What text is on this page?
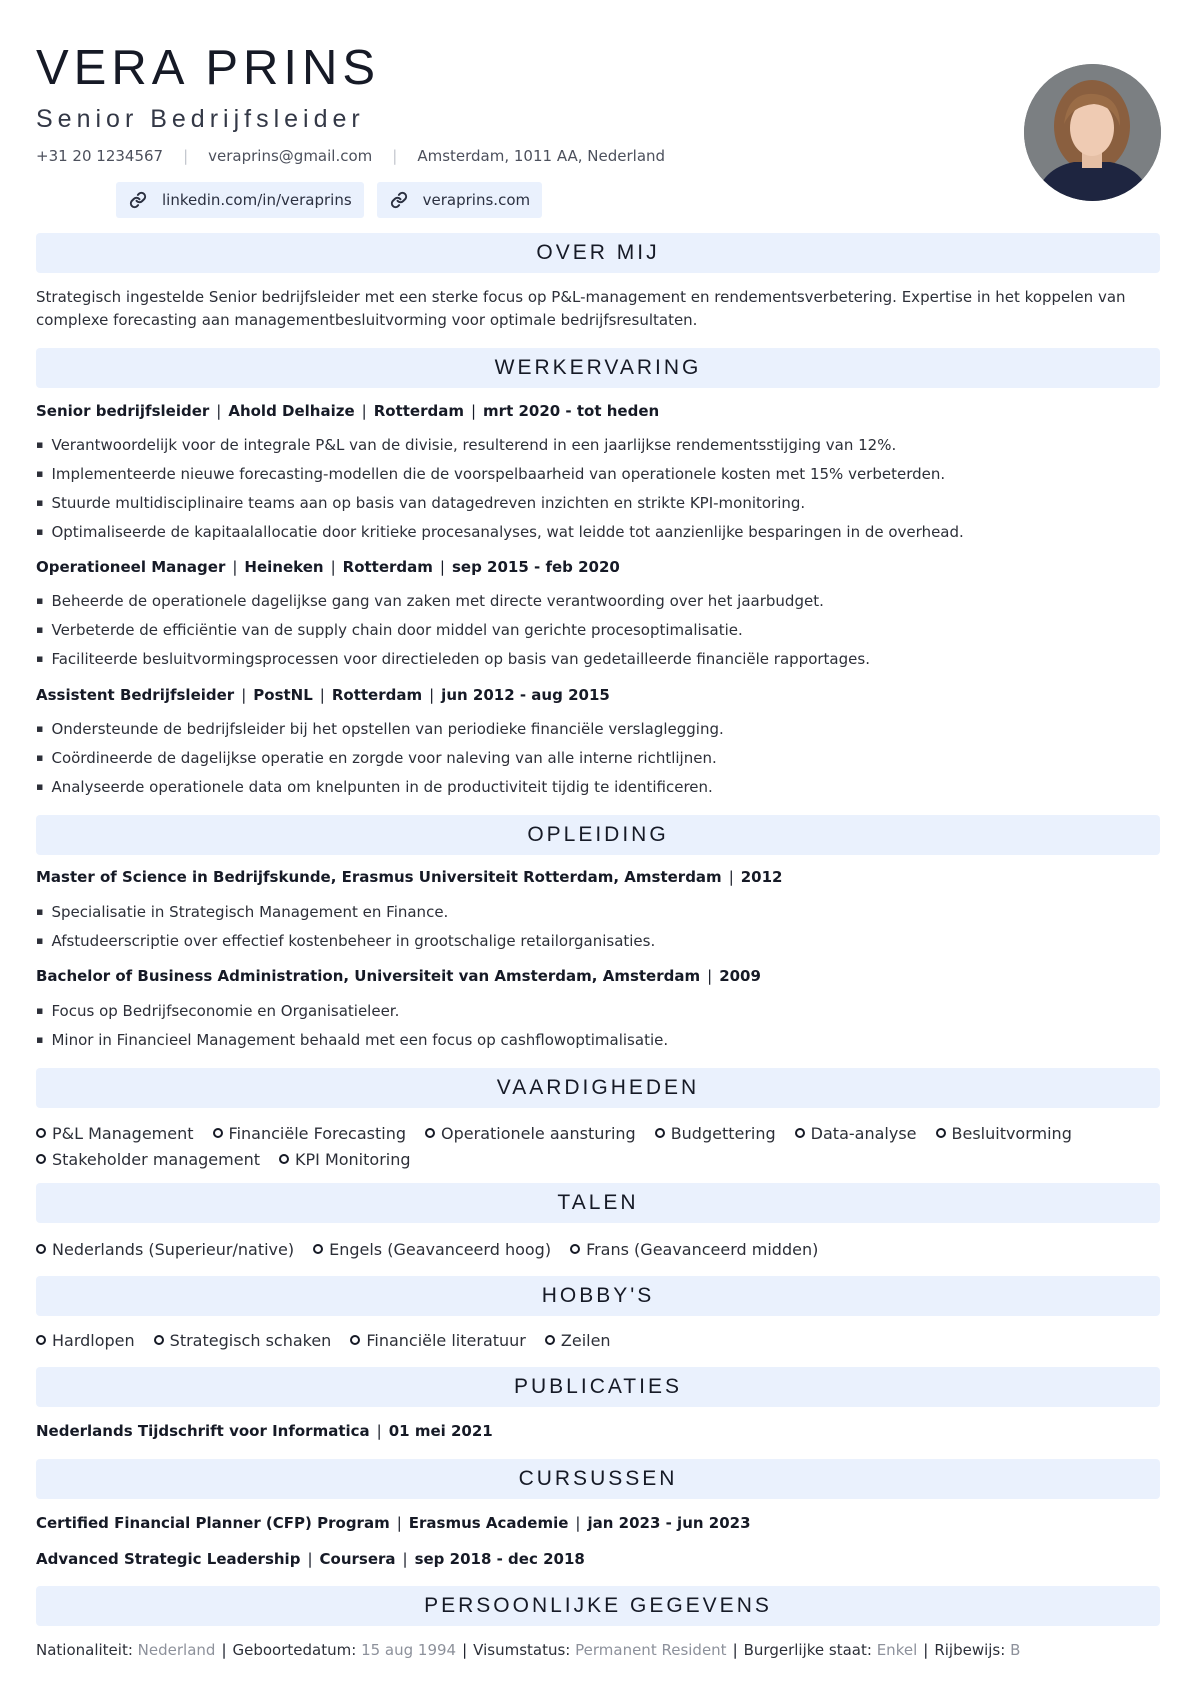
VERA PRINS
Senior Bedrijfsleider
+31 20 1234567 | veraprins@gmail.com | Amsterdam, 1011 AA, Nederland
linkedin.com/in/veraprins	veraprins.com
OVER MIJ
Strategisch ingestelde Senior bedrijfsleider met een sterke focus op P&L-management en rendementsverbetering. Expertise in het koppelen van complexe forecasting aan managementbesluitvorming voor optimale bedrijfsresultaten.
WERKERVARING
Senior bedrijfsleider | Ahold Delhaize | Rotterdam | mrt 2020 - tot heden
▪ Verantwoordelijk voor de integrale P&L van de divisie, resulterend in een jaarlijkse rendementsstijging van 12%.
▪ Implementeerde nieuwe forecasting-modellen die de voorspelbaarheid van operationele kosten met 15% verbeterden.
▪ Stuurde multidisciplinaire teams aan op basis van datagedreven inzichten en strikte KPI-monitoring.
▪ Optimaliseerde de kapitaalallocatie door kritieke procesanalyses, wat leidde tot aanzienlijke besparingen in de overhead.
Operationeel Manager | Heineken | Rotterdam | sep 2015 - feb 2020
▪ Beheerde de operationele dagelijkse gang van zaken met directe verantwoording over het jaarbudget.
▪ Verbeterde de efficiëntie van de supply chain door middel van gerichte procesoptimalisatie.
▪ Faciliteerde besluitvormingsprocessen voor directieleden op basis van gedetailleerde financiële rapportages.
Assistent Bedrijfsleider | PostNL | Rotterdam | jun 2012 - aug 2015
▪ Ondersteunde de bedrijfsleider bij het opstellen van periodieke financiële verslaglegging.
▪ Coördineerde de dagelijkse operatie en zorgde voor naleving van alle interne richtlijnen.
▪ Analyseerde operationele data om knelpunten in de productiviteit tijdig te identificeren.
OPLEIDING
Master of Science in Bedrijfskunde, Erasmus Universiteit Rotterdam, Amsterdam | 2012
▪ Specialisatie in Strategisch Management en Finance.
▪ Afstudeerscriptie over effectief kostenbeheer in grootschalige retailorganisaties.
Bachelor of Business Administration, Universiteit van Amsterdam, Amsterdam | 2009
▪ Focus op Bedrijfseconomie en Organisatieleer.
▪ Minor in Financieel Management behaald met een focus op cashflowoptimalisatie.
VAARDIGHEDEN
P&L Management Financiële Forecasting Operationele aansturing Budgettering Data-analyse Besluitvorming
Stakeholder management KPI Monitoring
TALEN
Nederlands (Superieur/native) Engels (Geavanceerd hoog) Frans (Geavanceerd midden)
HOBBY'S
Hardlopen Strategisch schaken Financiële literatuur Zeilen
PUBLICATIES
Nederlands Tijdschrift voor Informatica | 01 mei 2021
CURSUSSEN
Certified Financial Planner (CFP) Program | Erasmus Academie | jan 2023 - jun 2023
Advanced Strategic Leadership | Coursera | sep 2018 - dec 2018
PERSOONLIJKE GEGEVENS
Nationaliteit: Nederland | Geboortedatum: 15 aug 1994 | Visumstatus: Permanent Resident | Burgerlijke staat: Enkel | Rijbewijs: B
